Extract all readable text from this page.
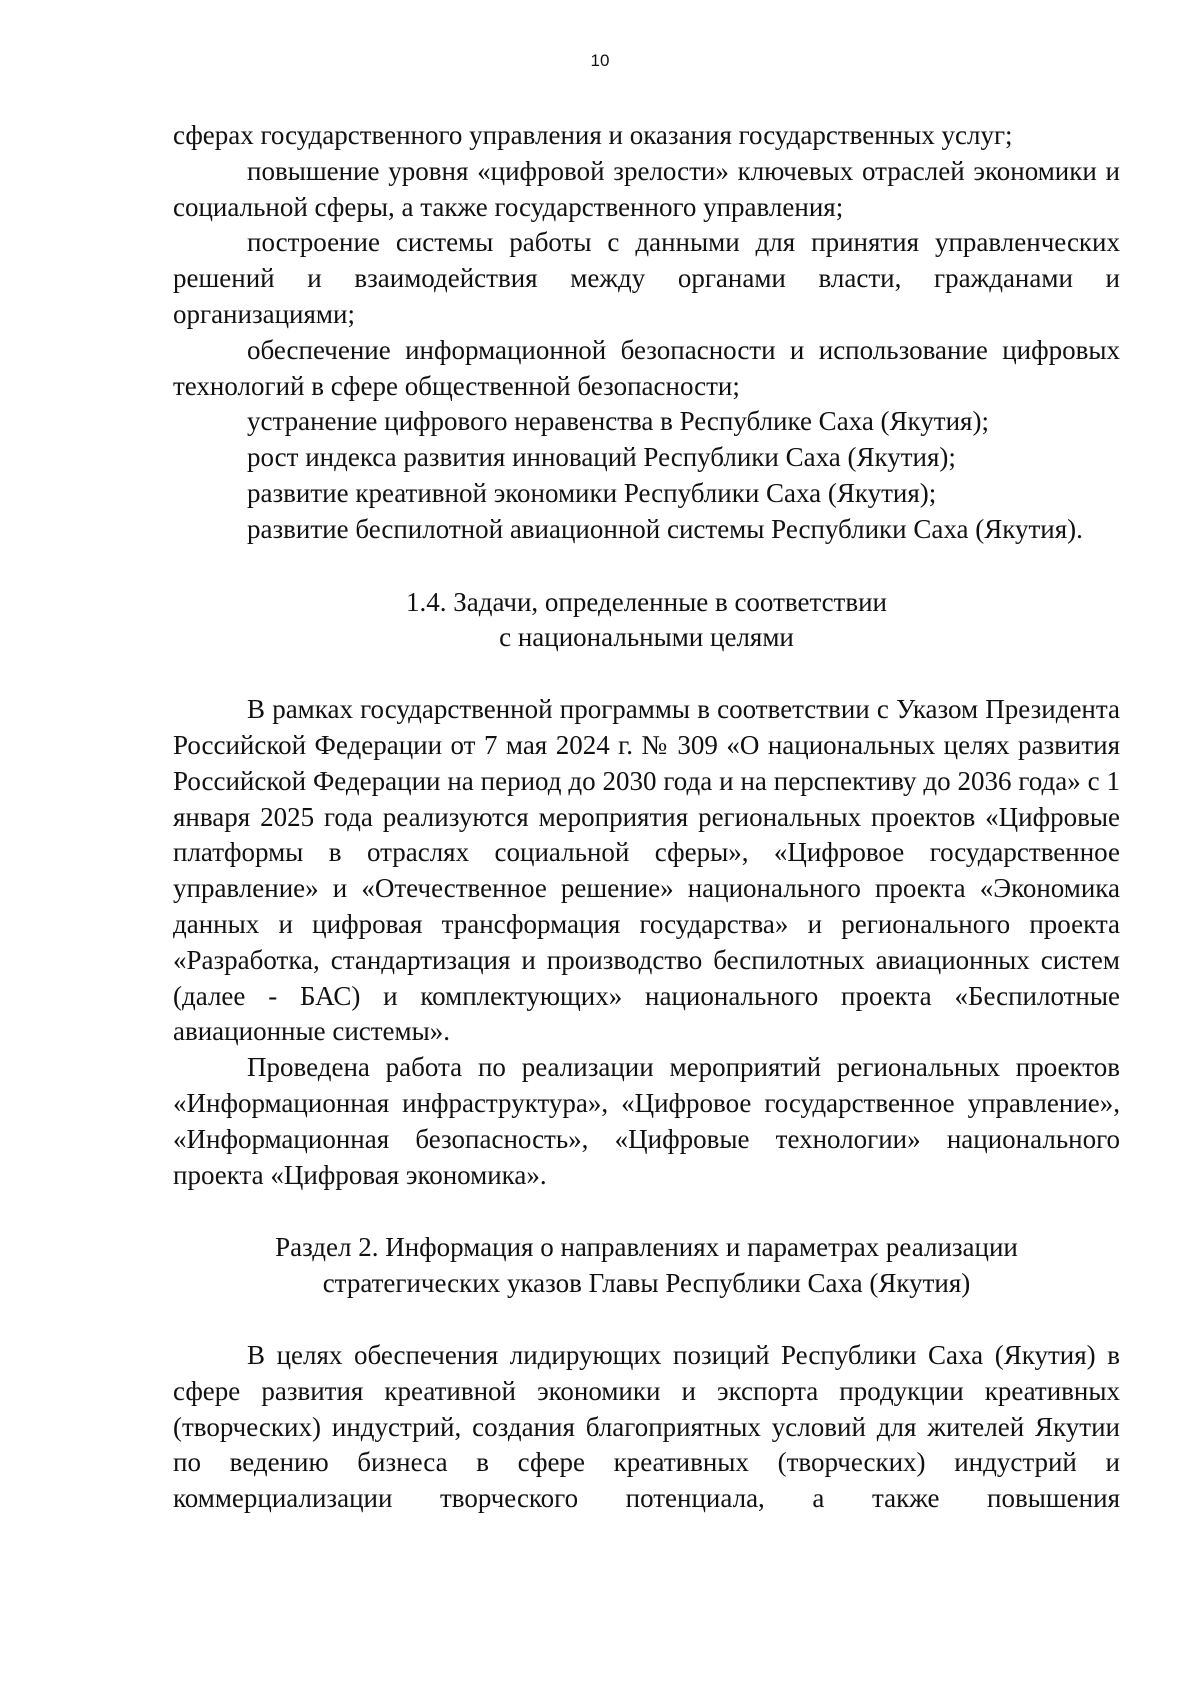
10

сферах государственного управления и оказания государственных услуг;

повышение уровня «цифровой зрелости» ключевых отраслей экономики и социальной сферы, а также государственного управления;

построение системы работы с данными для принятия управленческих решений и взаимодействия между органами власти, гражданами и организациями;

обеспечение информационной безопасности и использование цифровых технологий в сфере общественной безопасности;

устранение цифрового неравенства в Республике Саха (Якутия);

рост индекса развития инноваций Республики Саха (Якутия);

развитие креативной экономики Республики Саха (Якутия);

развитие беспилотной авиационной системы Республики Саха (Якутия).

1.4. Задачи, определенные в соответствии
с национальными целями

В рамках государственной программы в соответствии с Указом Президента Российской Федерации от 7 мая 2024 г. № 309 «О национальных целях развития Российской Федерации на период до 2030 года и на перспективу до 2036 года» с 1 января 2025 года реализуются мероприятия региональных проектов «Цифровые платформы в отраслях социальной сферы», «Цифровое государственное управление» и «Отечественное решение» национального проекта «Экономика данных и цифровая трансформация государства» и регионального проекта «Разработка, стандартизация и производство беспилотных авиационных систем (далее - БАС) и комплектующих» национального проекта «Беспилотные авиационные системы».

Проведена работа по реализации мероприятий региональных проектов «Информационная инфраструктура», «Цифровое государственное управление», «Информационная безопасность», «Цифровые технологии» национального проекта «Цифровая экономика».

Раздел 2. Информация о направлениях и параметрах реализации
стратегических указов Главы Республики Саха (Якутия)

В целях обеспечения лидирующих позиций Республики Саха (Якутия) в сфере развития креативной экономики и экспорта продукции креативных (творческих) индустрий, создания благоприятных условий для жителей Якутии по ведению бизнеса в сфере креативных (творческих) индустрий и коммерциализации творческого потенциала, а также повышения
